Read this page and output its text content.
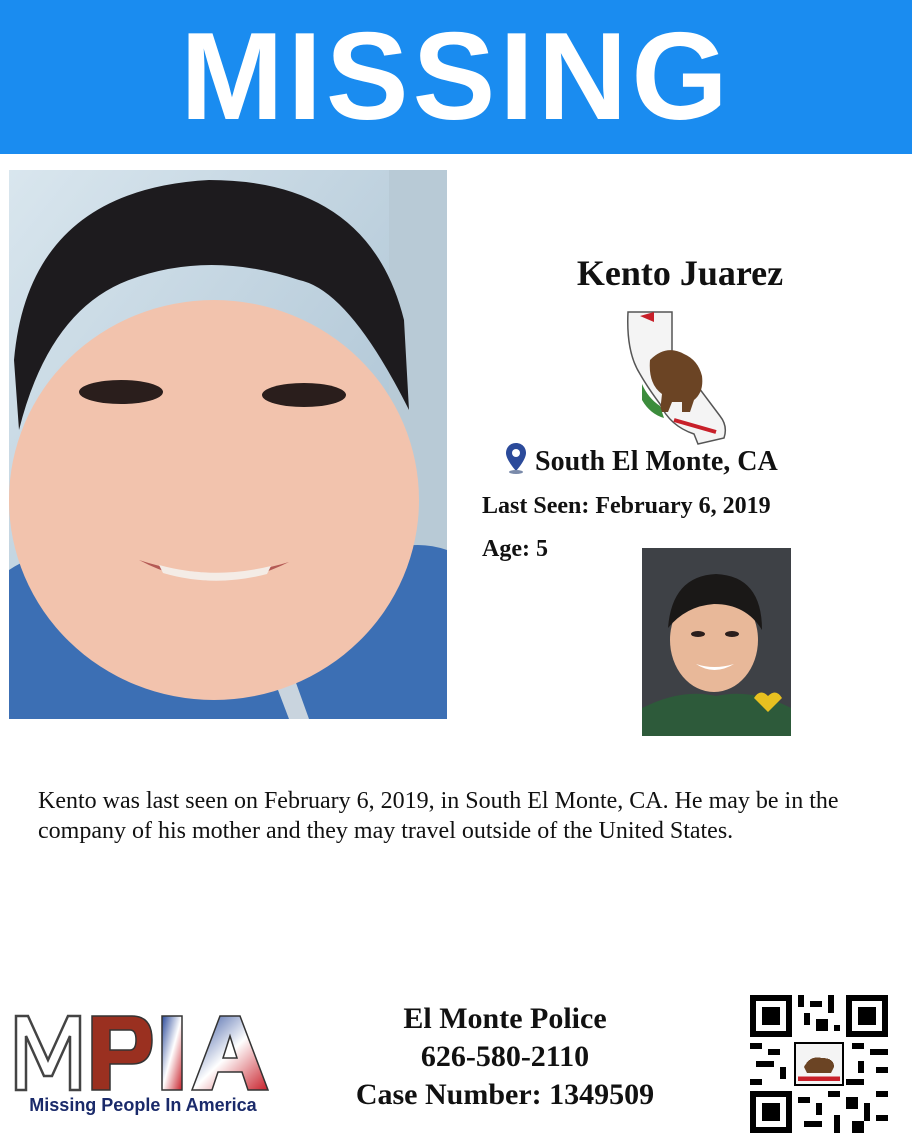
MISSING
Kento Juarez
South El Monte, CA
Last Seen: February 6, 2019
Age: 5
Kento was last seen on February 6, 2019, in South El Monte, CA. He may be in the company of his mother and they may travel outside of the United States.
Missing People In America
El Monte Police
626-580-2110
Case Number: 1349509
